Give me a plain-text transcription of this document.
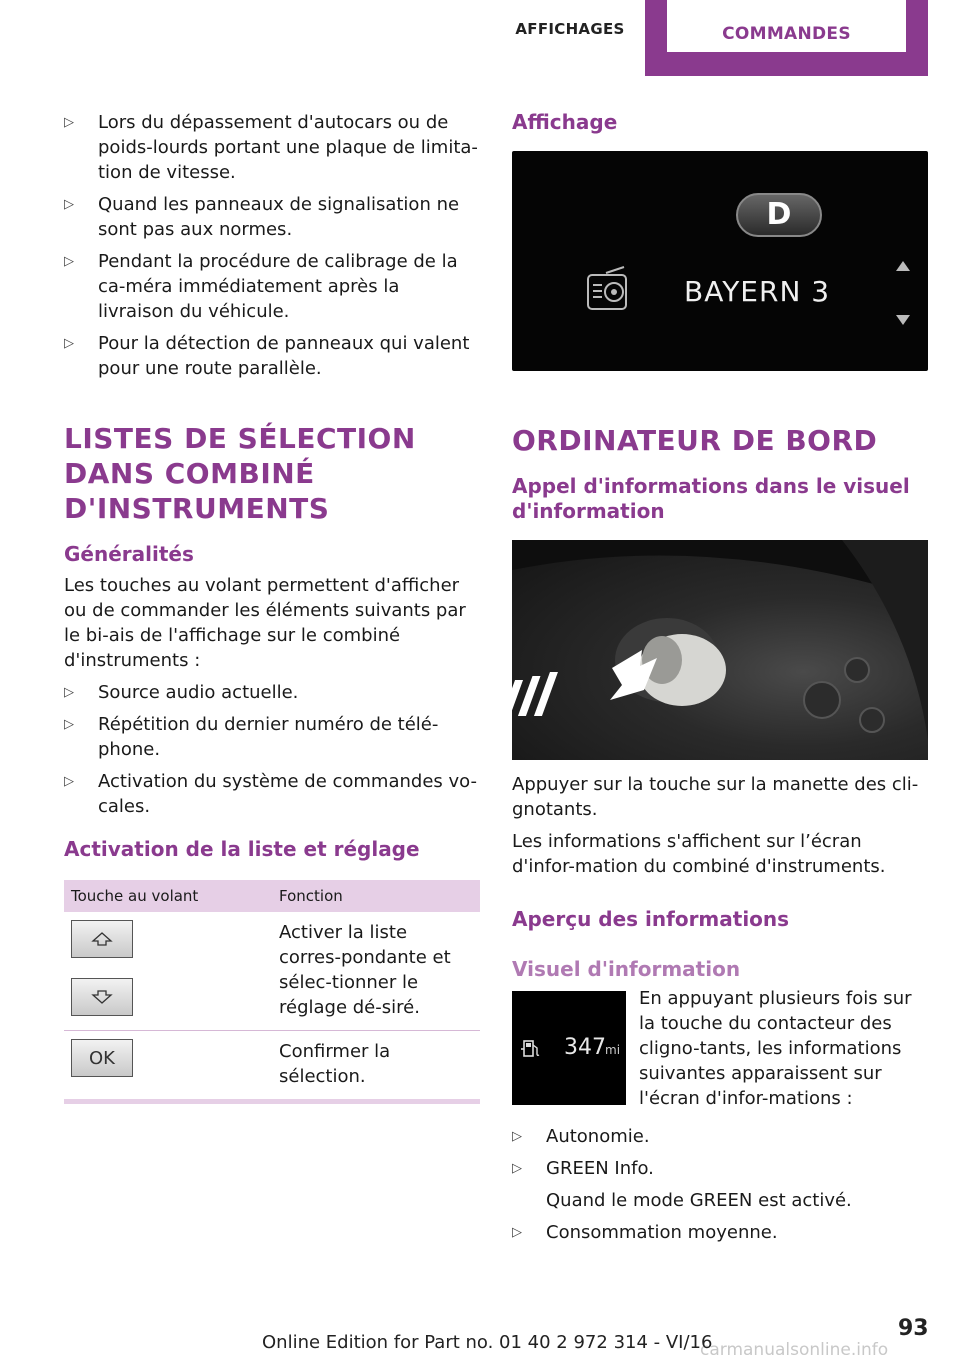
AFFICHAGES	COMMANDES
▷ Lors du dépassement d'autocars ou de poids-lourds portant une plaque de limita-tion de vitesse.
▷ Quand les panneaux de signalisation ne sont pas aux normes.
▷ Pendant la procédure de calibrage de la ca-méra immédiatement après la livraison du véhicule.
▷ Pour la détection de panneaux qui valent pour une route parallèle.
LISTES DE SÉLECTION DANS COMBINÉ D'INSTRUMENTS
Généralités

Les touches au volant permettent d'afficher ou de commander les éléments suivants par le bi-ais de l'affichage sur le combiné d'instruments :

▷ Source audio actuelle.
▷ Répétition du dernier numéro de télé-phone.
▷ Activation du système de commandes vo-cales.
Activation de la liste et réglage
Touche au volant	Fonction

	Activer la liste corres-pondante et sélec-tionner le réglage dé-siré.

OK	Confirmer la sélection.
Affichage
D
BAYERN 3
ORDINATEUR DE BORD
Appel d'informations dans le visuel d'information

Appuyer sur la touche sur la manette des cli-gnotants.

Les informations s'affichent sur l’écran d'infor-mation du combiné d'instruments.

Aperçu des informations
Visuel d'information
347 mi

En appuyant plusieurs fois sur la touche du contacteur des cligno-tants, les informations suivantes apparaissent sur l'écran d'infor-mations :

▷ Autonomie.
▷ GREEN Info.
Quand le mode GREEN est activé.
▷ Consommation moyenne.
carmanualsonline.info
Online Edition for Part no. 01 40 2 972 314 - VI/16
93
